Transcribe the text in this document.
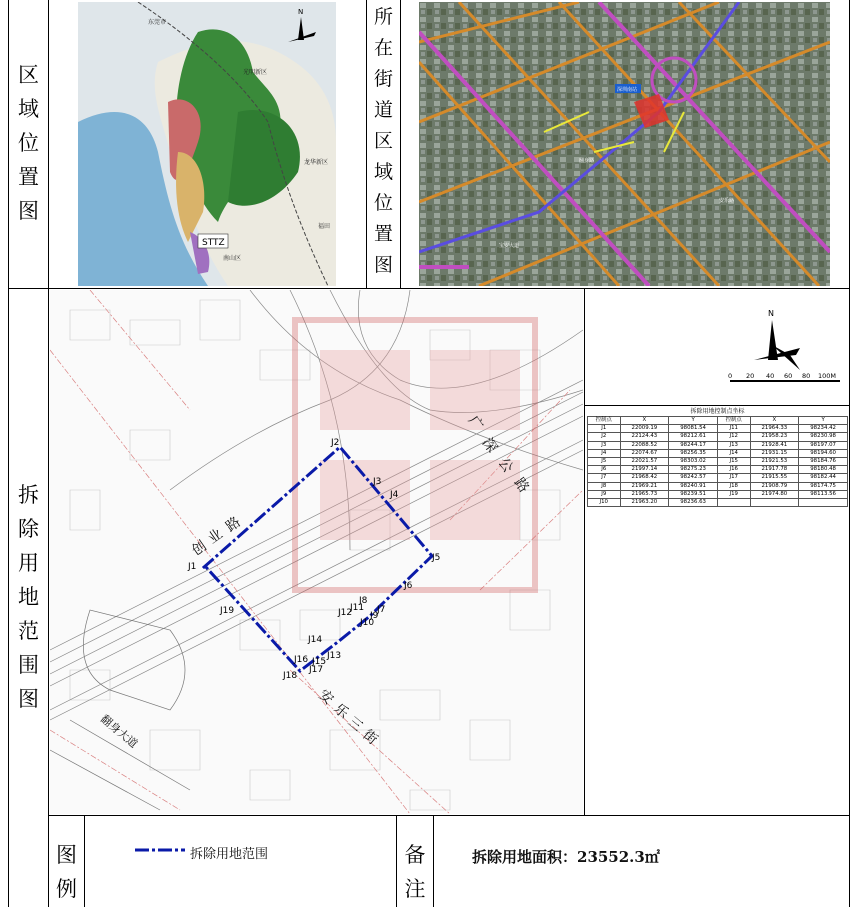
区
域
位
置
图
所
在
街
道
区
域
位
置
图
拆
除
用
地
范
围
图
图
例
备
注
STTZ
东莞市
光明新区
龙华新区
福田
南山区
N
深圳南站
翻身路
安乐路
宝安大道
J1
J2
J3
J4
J5
J6
J7
J8
J9
J10
J11
J12
J13
J14
J15
J16
J17
J18
J19
广
深
公
路
创
业
路
安
乐
三
街
翻身大道
N
0 20 40 60 80 100M
拆除用地控制点坐标
控制点	X	Y	控制点	X	Y
J1	22009.19	98081.54	J11	21964.33	98234.42
J2	22124.43	98212.61	J12	21958.23	98230.98
J3	22088.52	98244.17	J13	21928.41	98197.07
J4	22074.67	98256.35	J14	21931.15	98194.60
J5	22021.57	98303.02	J15	21921.53	98184.76
J6	21997.14	98275.23	J16	21917.78	98180.48
J7	21968.42	98242.57	J17	21915.55	98182.44
J8	21969.21	98240.91	J18	21908.79	98174.75
J9	21965.73	98239.51	J19	21974.80	98113.56
J10	21963.20	98236.63			
拆除用地范围	拆除用地面积：23552.3㎡
